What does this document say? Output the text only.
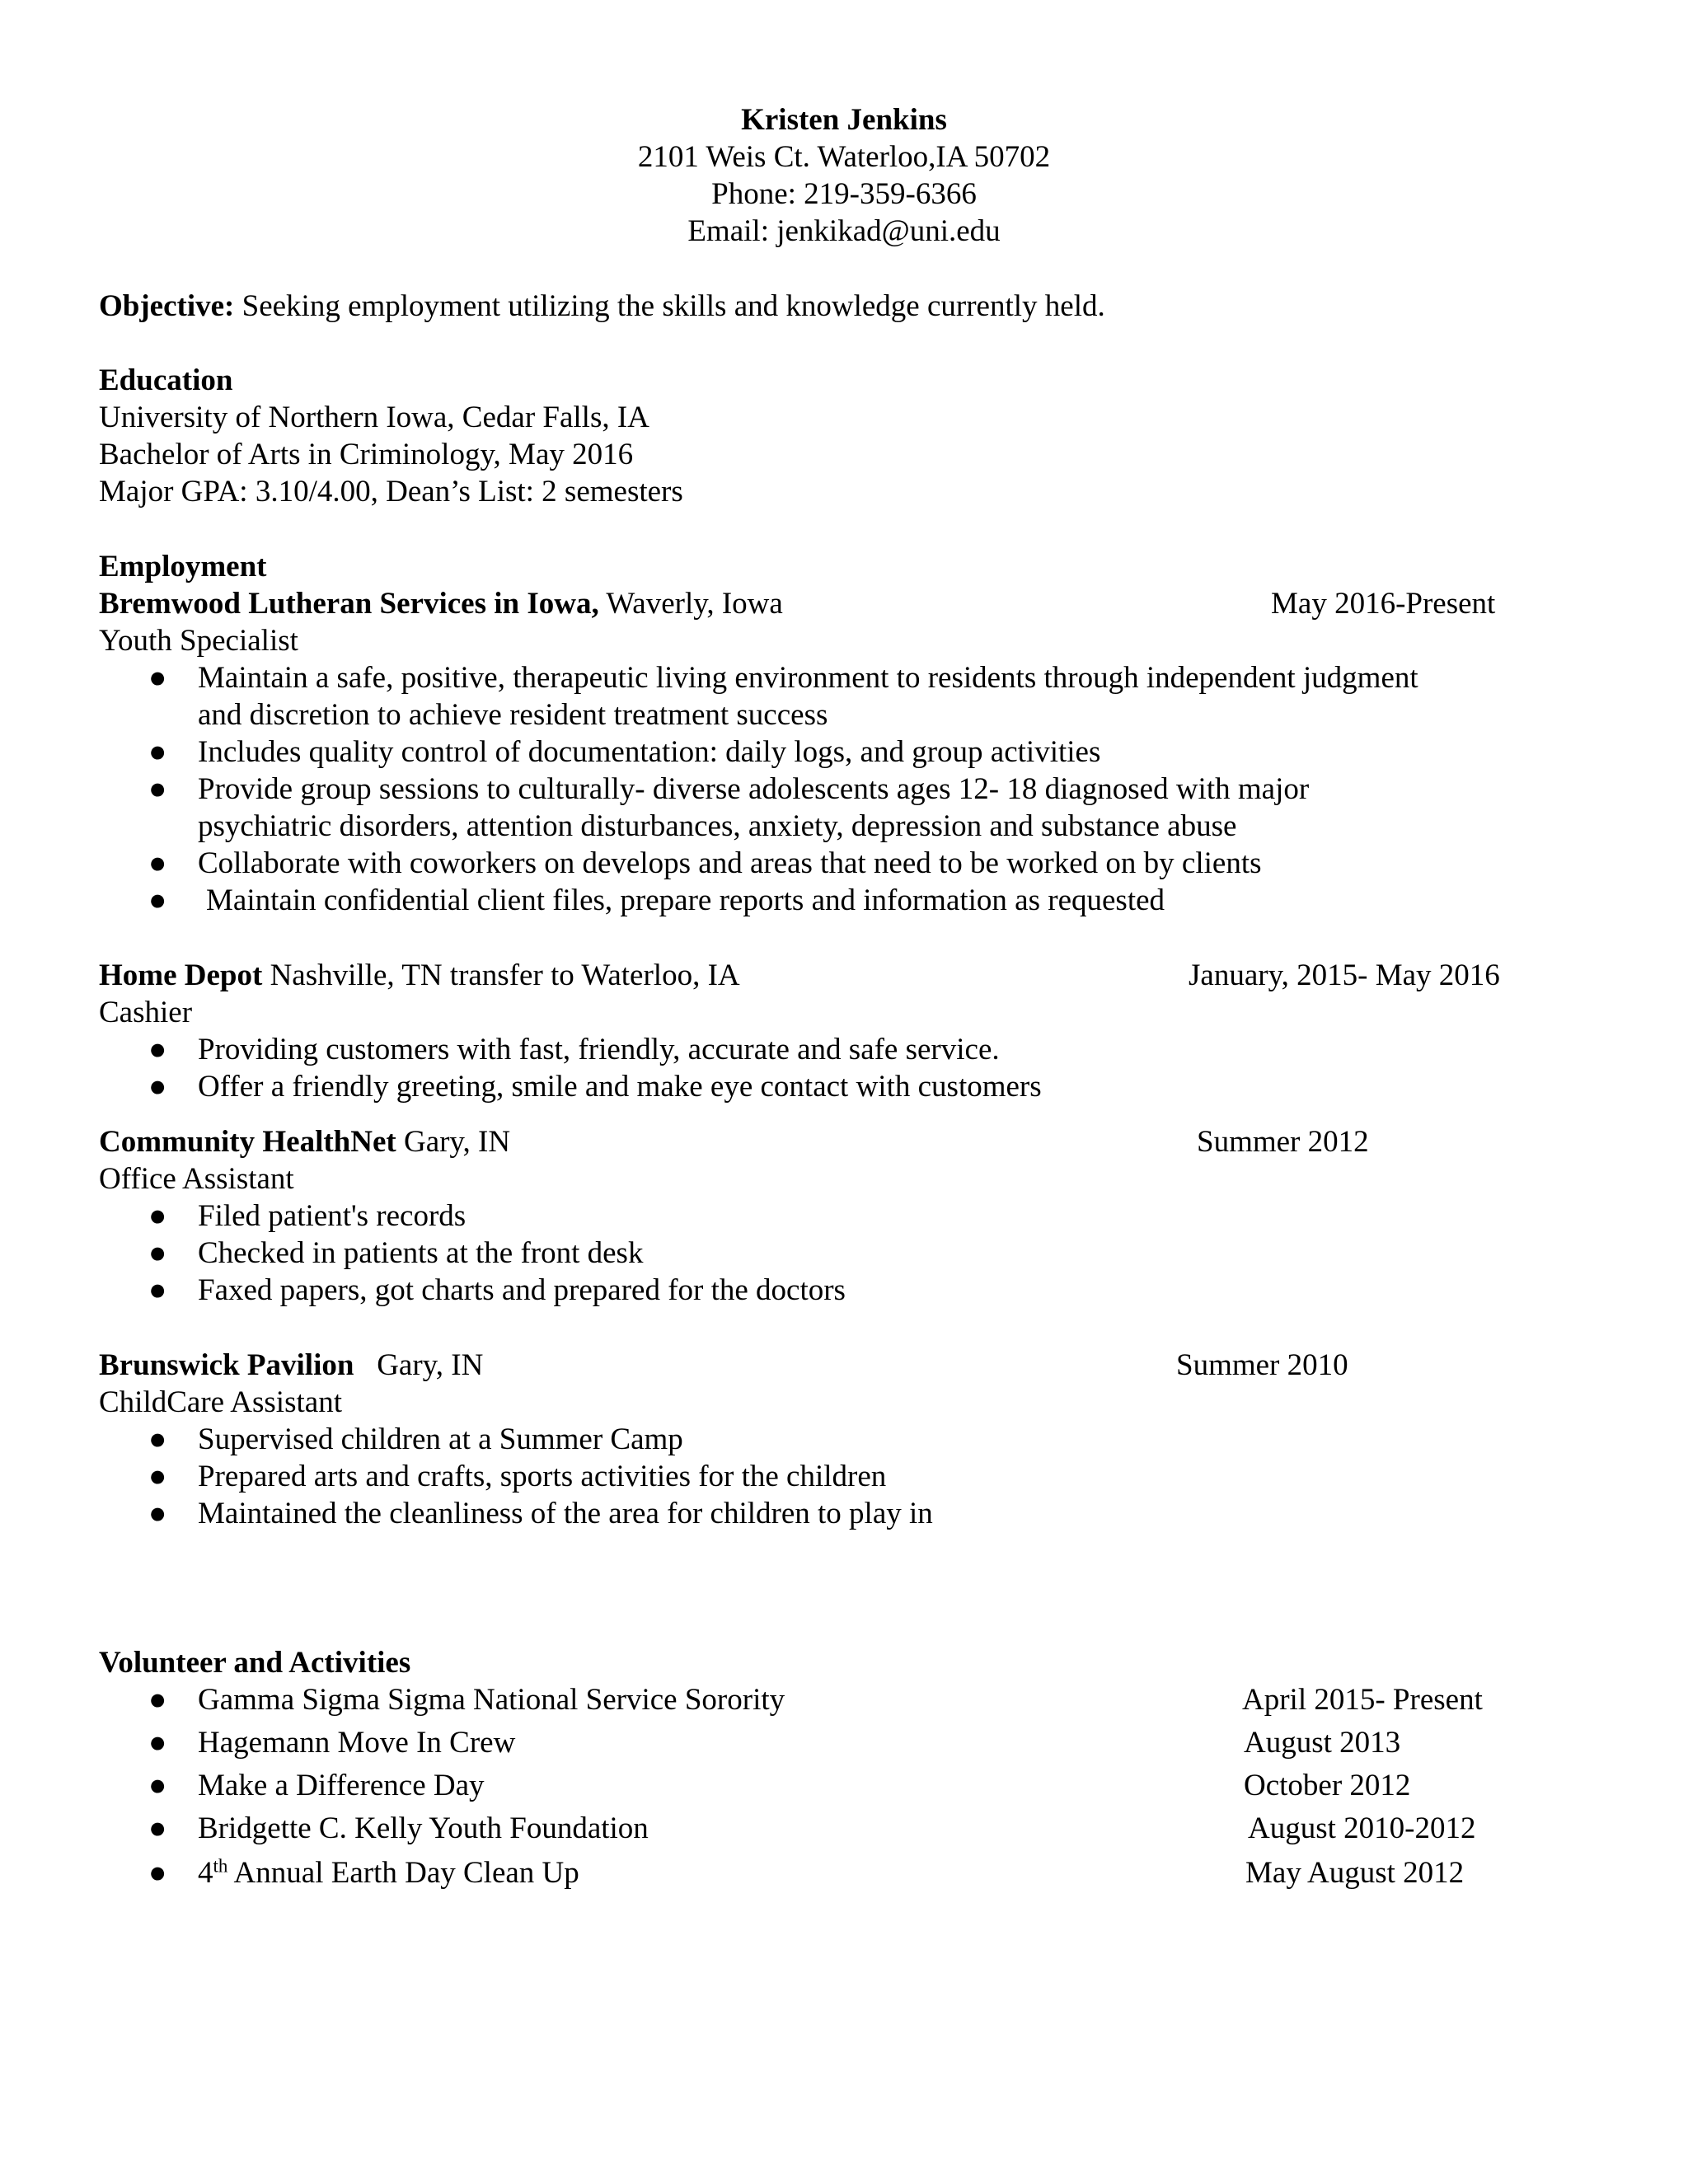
Kristen Jenkins
2101 Weis Ct. Waterloo,IA 50702
Phone: 219-359-6366
Email: jenkikad@uni.edu
Objective: Seeking employment utilizing the skills and knowledge currently held.
Education
University of Northern Iowa, Cedar Falls, IA
Bachelor of Arts in Criminology, May 2016
Major GPA: 3.10/4.00, Dean’s List: 2 semesters
Employment
Bremwood Lutheran Services in Iowa, Waverly, Iowa	May 2016-Present
Youth Specialist
● Maintain a safe, positive, therapeutic living environment to residents through independent judgment
and discretion to achieve resident treatment success
● Includes quality control of documentation: daily logs, and group activities
● Provide group sessions to culturally- diverse adolescents ages 12- 18 diagnosed with major
psychiatric disorders, attention disturbances, anxiety, depression and substance abuse
● Collaborate with coworkers on develops and areas that need to be worked on by clients
● Maintain confidential client files, prepare reports and information as requested
Home Depot Nashville, TN transfer to Waterloo, IA	January, 2015- May 2016
Cashier
● Providing customers with fast, friendly, accurate and safe service.
● Offer a friendly greeting, smile and make eye contact with customers
Community HealthNet Gary, IN	Summer 2012
Office Assistant
● Filed patient's records
● Checked in patients at the front desk
● Faxed papers, got charts and prepared for the doctors
Brunswick Pavilion   Gary, IN	Summer 2010
ChildCare Assistant
● Supervised children at a Summer Camp
● Prepared arts and crafts, sports activities for the children
● Maintained the cleanliness of the area for children to play in
Volunteer and Activities
● Gamma Sigma Sigma National Service Sorority	April 2015- Present
● Hagemann Move In Crew	August 2013
● Make a Difference Day	October 2012
● Bridgette C. Kelly Youth Foundation	August 2010-2012
● 4th Annual Earth Day Clean Up	May August 2012
